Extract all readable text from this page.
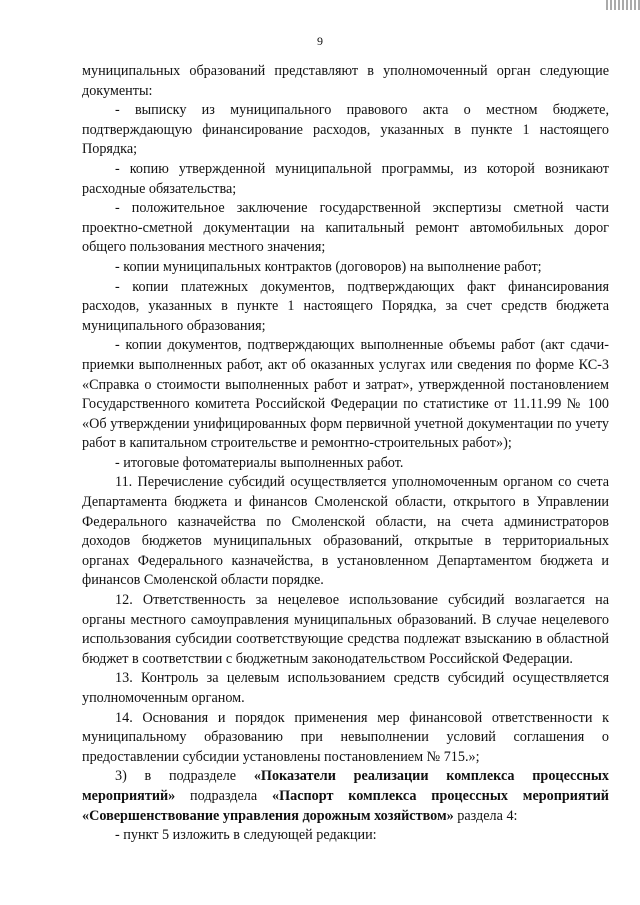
9

муниципальных образований представляют в уполномоченный орган следующие документы:

- выписку из муниципального правового акта о местном бюджете, подтверждающую финансирование расходов, указанных в пункте 1 настоящего Порядка;

- копию утвержденной муниципальной программы, из которой возникают расходные обязательства;

- положительное заключение государственной экспертизы сметной части проектно-сметной документации на капитальный ремонт автомобильных дорог общего пользования местного значения;

- копии муниципальных контрактов (договоров) на выполнение работ;

- копии платежных документов, подтверждающих факт финансирования расходов, указанных в пункте 1 настоящего Порядка, за счет средств бюджета муниципального образования;

- копии документов, подтверждающих выполненные объемы работ (акт сдачи-приемки выполненных работ, акт об оказанных услугах или сведения по форме КС-3 «Справка о стоимости выполненных работ и затрат», утвержденной постановлением Государственного комитета Российской Федерации по статистике от 11.11.99 № 100 «Об утверждении унифицированных форм первичной учетной документации по учету работ в капитальном строительстве и ремонтно-строительных работ»);

- итоговые фотоматериалы выполненных работ.

11. Перечисление субсидий осуществляется уполномоченным органом со счета Департамента бюджета и финансов Смоленской области, открытого в Управлении Федерального казначейства по Смоленской области, на счета администраторов доходов бюджетов муниципальных образований, открытые в территориальных органах Федерального казначейства, в установленном Департаментом бюджета и финансов Смоленской области порядке.

12. Ответственность за нецелевое использование субсидий возлагается на органы местного самоуправления муниципальных образований. В случае нецелевого использования субсидии соответствующие средства подлежат взысканию в областной бюджет в соответствии с бюджетным законодательством Российской Федерации.

13. Контроль за целевым использованием средств субсидий осуществляется уполномоченным органом.

14. Основания и порядок применения мер финансовой ответственности к муниципальному образованию при невыполнении условий соглашения о предоставлении субсидии установлены постановлением № 715.»;

3) в подразделе «Показатели реализации комплекса процессных мероприятий» подраздела «Паспорт комплекса процессных мероприятий «Совершенствование управления дорожным хозяйством» раздела 4:

- пункт 5 изложить в следующей редакции:
